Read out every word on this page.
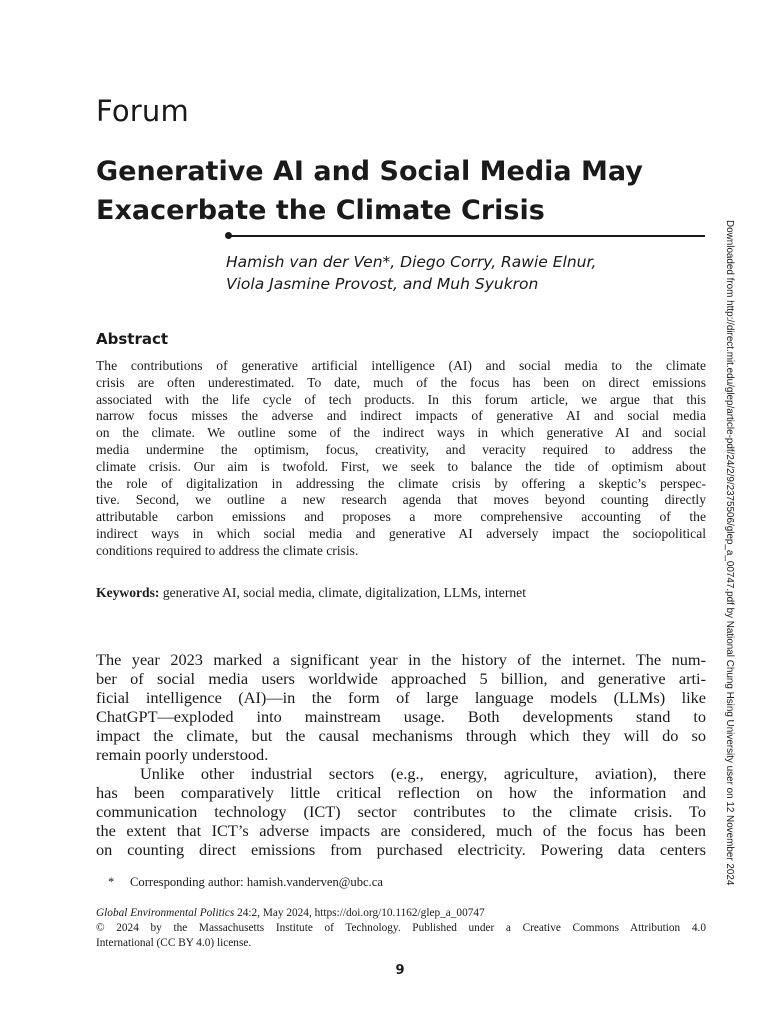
Forum
Generative AI and Social Media May
Exacerbate the Climate Crisis
Hamish van der Ven*, Diego Corry, Rawie Elnur,
Viola Jasmine Provost, and Muh Syukron
Abstract
The contributions of generative artificial intelligence (AI) and social media to the climate
crisis are often underestimated. To date, much of the focus has been on direct emissions
associated with the life cycle of tech products. In this forum article, we argue that this
narrow focus misses the adverse and indirect impacts of generative AI and social media
on the climate. We outline some of the indirect ways in which generative AI and social
media undermine the optimism, focus, creativity, and veracity required to address the
climate crisis. Our aim is twofold. First, we seek to balance the tide of optimism about
the role of digitalization in addressing the climate crisis by offering a skeptic’s perspec-
tive. Second, we outline a new research agenda that moves beyond counting directly
attributable carbon emissions and proposes a more comprehensive accounting of the
indirect ways in which social media and generative AI adversely impact the sociopolitical
conditions required to address the climate crisis.
Keywords: generative AI, social media, climate, digitalization, LLMs, internet
The year 2023 marked a significant year in the history of the internet. The num-
ber of social media users worldwide approached 5 billion, and generative arti-
ficial intelligence (AI)—in the form of large language models (LLMs) like
ChatGPT—exploded into mainstream usage. Both developments stand to
impact the climate, but the causal mechanisms through which they will do so
remain poorly understood.
Unlike other industrial sectors (e.g., energy, agriculture, aviation), there
has been comparatively little critical reflection on how the information and
communication technology (ICT) sector contributes to the climate crisis. To
the extent that ICT’s adverse impacts are considered, much of the focus has been
on counting direct emissions from purchased electricity. Powering data centers
* Corresponding author: hamish.vanderven@ubc.ca
Global Environmental Politics 24:2, May 2024, https://doi.org/10.1162/glep_a_00747
© 2024 by the Massachusetts Institute of Technology. Published under a Creative Commons Attribution 4.0
International (CC BY 4.0) license.
9
Downloaded from http://direct.mit.edu/glep/article-pdf/24/2/9/2375506/glep_a_00747.pdf by National Chung Hsing University user on 12 November 2024
